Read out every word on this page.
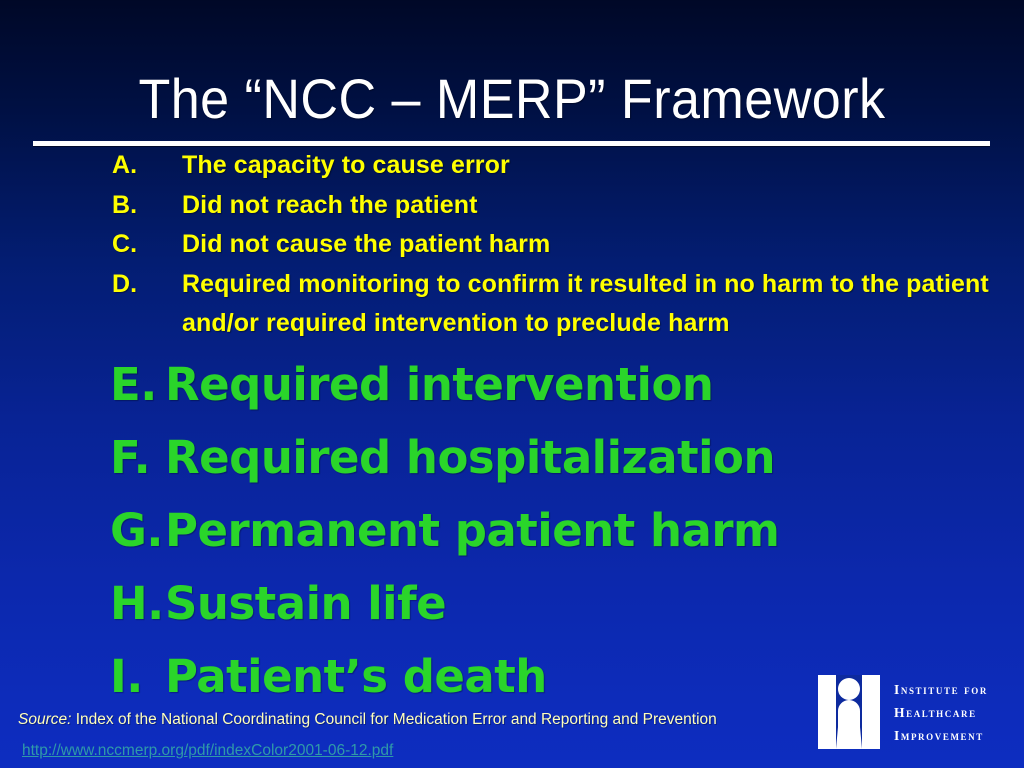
The “NCC – MERP” Framework
A.	The capacity to cause error
B.	Did not reach the patient
C.	Did not cause the patient harm
D.	Required monitoring to confirm it resulted in no harm to the patient and/or required intervention to preclude harm
E. Required intervention
F. Required hospitalization
G. Permanent patient harm
H. Sustain life
I. Patient’s death
Source: Index of the National Coordinating Council for Medication Error and Reporting and Prevention
http://www.nccmerp.org/pdf/indexColor2001-06-12.pdf
Institute for
Healthcare
Improvement
